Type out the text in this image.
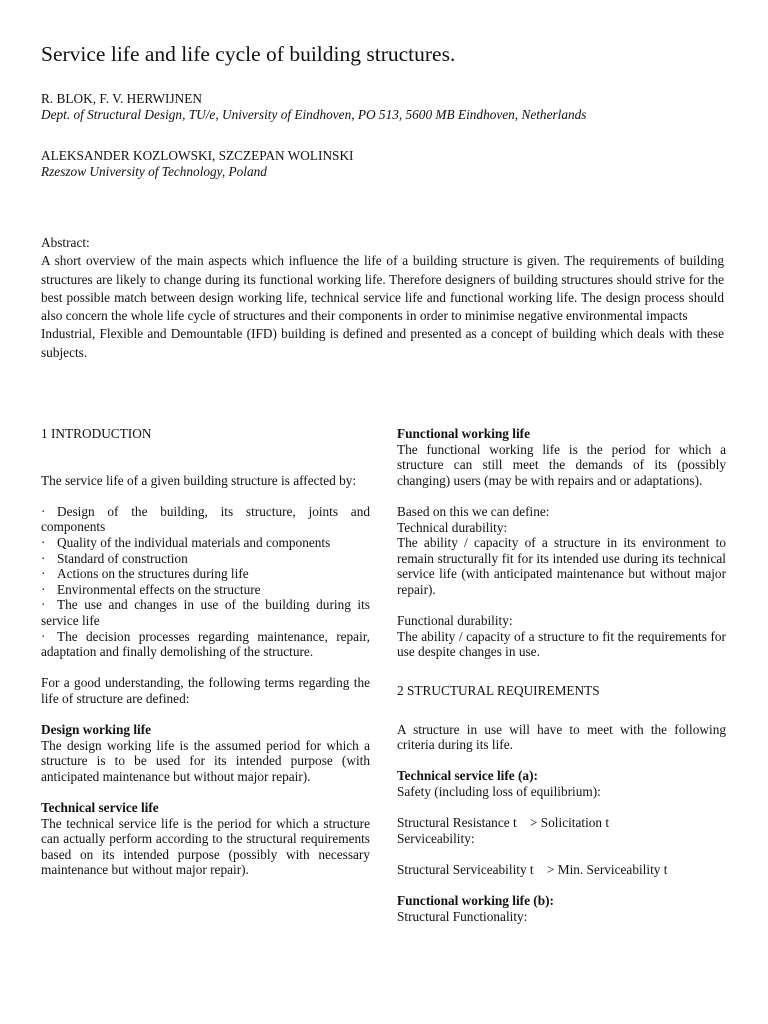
Service life and life cycle of building structures.
R. BLOK, F. V. HERWIJNEN
Dept. of Structural Design, TU/e, University of Eindhoven, PO 513, 5600 MB Eindhoven, Netherlands
ALEKSANDER KOZLOWSKI, SZCZEPAN WOLINSKI
Rzeszow University of Technology, Poland

Abstract:

A short overview of the main aspects which influence the life of a building structure is given. The requirements of building structures are likely to change during its functional working life. Therefore designers of building structures should strive for the best possible match between design working life, technical service life and functional working life. The design process should also concern the whole life cycle of structures and their components in order to minimise negative environmental impacts

Industrial, Flexible and Demountable (IFD) building is defined and presented as a concept of building which deals with these subjects.

1 INTRODUCTION

The service life of a given building structure is affected by:

· Design of the building, its structure, joints and components
· Quality of the individual materials and components
· Standard of construction
· Actions on the structures during life
· Environmental effects on the structure
· The use and changes in use of the building during its service life
· The decision processes regarding maintenance, repair, adaptation and finally demolishing of the structure.

For a good understanding, the following terms regarding the life of structure are defined:

Design working life

The design working life is the assumed period for which a structure is to be used for its intended purpose (with anticipated maintenance but without major repair).

Technical service life

The technical service life is the period for which a structure can actually perform according to the structural requirements based on its intended purpose (possibly with necessary maintenance but without major repair).

Functional working life

The functional working life is the period for which a structure can still meet the demands of its (possibly changing) users (may be with repairs and or adaptations).

Based on this we can define:

Technical durability:

The ability / capacity of a structure in its environment to remain structurally fit for its intended use during its technical service life (with anticipated maintenance but without major repair).

Functional durability:

The ability / capacity of a structure to fit the requirements for use despite changes in use.

2 STRUCTURAL REQUIREMENTS

A structure in use will have to meet with the following criteria during its life.

Technical service life (a):

Safety (including loss of equilibrium):

Structural Resistance t    > Solicitation t

Serviceability:

Structural Serviceability t    > Min. Serviceability t

Functional working life (b):

Structural Functionality:
